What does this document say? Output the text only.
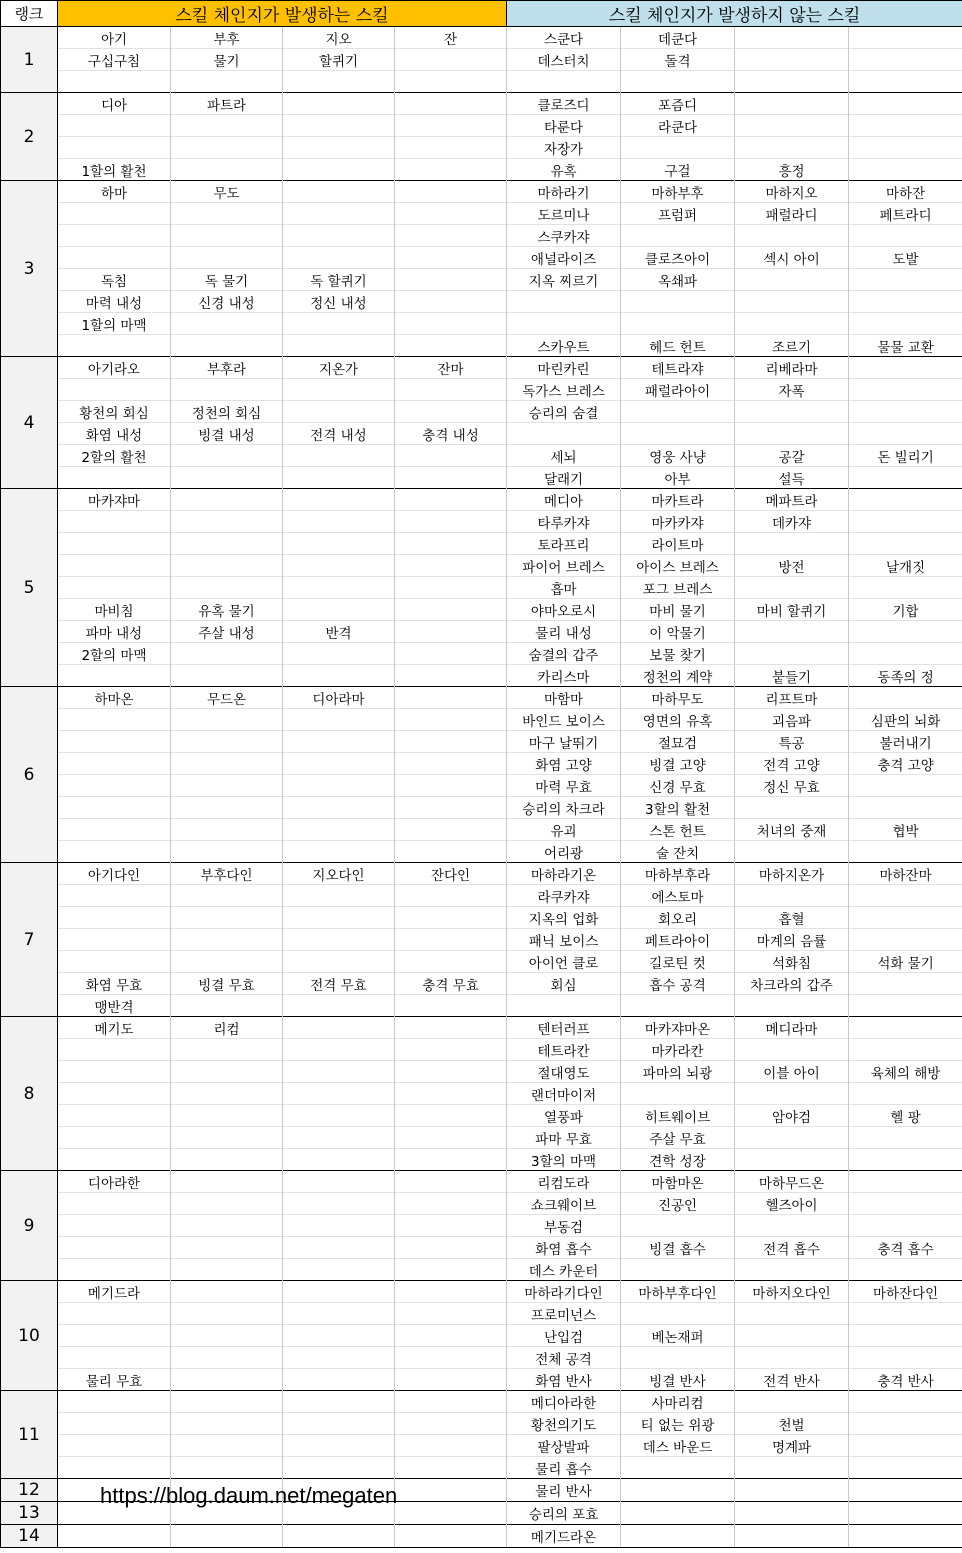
랭크	스킬 체인지가 발생하는 스킬				스킬 체인지가 발생하지 않는 스킬			
1	아기	부후	지오	잔	스쿤다	데쿤다		
	구십구침	물기	할퀴기		데스터치	돌격		

2	디아	파트라			클로즈디	포즘디		
					타룬다	라쿤다		
					자장가			
	1할의 활천				유혹	구걸	흥정	
3	하마	무도			마하라기	마하부후	마하지오	마하잔
					도르미나	프럼퍼	패럴라디	페트라디
					스쿠카쟈			
					애널라이즈	클로즈아이	섹시 아이	도발
	독침	독 물기	독 할퀴기		지옥 찌르기	옥쇄파		
	마력 내성	신경 내성	정신 내성					
	1할의 마맥							
					스카우트	헤드 헌트	조르기	물물 교환
4	아기라오	부후라	지온가	잔마	마린카린	테트라쟈	리베라마	
					독가스 브레스	패럴라아이	자폭	
	황천의 회심	정천의 회심			승리의 숨결			
	화염 내성	빙결 내성	전격 내성	충격 내성				
	2할의 활천				세뇌	영웅 사냥	공갈	돈 빌리기
					달래기	아부	설득	
5	마카쟈마				메디아	마카트라	메파트라	
					타루카쟈	마카카쟈	데카쟈	
					토라프리	라이트마		
					파이어 브레스	아이스 브레스	방전	날개짓
					흡마	포그 브레스		
	마비침	유혹 물기			야마오로시	마비 물기	마비 할퀴기	기합
	파마 내성	주살 내성	반격		물리 내성	이 악물기		
	2할의 마맥				숨결의 갑주	보물 찾기		
					카리스마	정천의 계약	붙들기	동족의 정
6	하마온	무드온	디아라마		마함마	마하무도	리프트마	
					바인드 보이스	영면의 유혹	괴음파	심판의 뇌화
					마구 날뛰기	절묘검	특공	불러내기
					화염 고양	빙결 고양	전격 고양	충격 고양
					마력 무효	신경 무효	정신 무효	
					승리의 차크라	3할의 활천		
					유괴	스톤 헌트	처녀의 중재	협박
					어리광	술 잔치		
7	아기다인	부후다인	지오다인	잔다인	마하라기온	마하부후라	마하지온가	마하잔마
					라쿠카쟈	에스토마		
					지옥의 업화	회오리	흡혈	
					패닉 보이스	페트라아이	마계의 음률	
					아이언 클로	길로틴 컷	석화침	석화 물기
	화염 무효	빙결 무효	전격 무효	충격 무효	회심	흡수 공격	차크라의 갑주	
	맹반격							
8	메기도	리컴			텐터러프	마카쟈마온	메디라마	
					테트라칸	마카라칸		
					절대영도	파마의 뇌광	이블 아이	육체의 해방
					랜더마이저			
					열풍파	히트웨이브	암야검	헬 팡
					파마 무효	주살 무효		
					3할의 마맥	견학 성장		
9	디아라한				리컴도라	마함마온	마하무드온	
					쇼크웨이브	진공인	헬즈아이	
					부동검			
					화염 흡수	빙결 흡수	전격 흡수	충격 흡수
					데스 카운터			
10	메기드라				마하라기다인	마하부후다인	마하지오다인	마하잔다인
					프로미넌스			
					난입검	베논재퍼		
					전체 공격			
	물리 무효				화염 반사	빙결 반사	전격 반사	충격 반사
11					메디아라한	사마리컴		
					황천의기도	티 없는 위광	천벌	
					팔상발파	데스 바운드	명계파	
					물리 흡수			
12					물리 반사			
13					승리의 포효			
14					메기드라온			
https://blog.daum.net/megaten
